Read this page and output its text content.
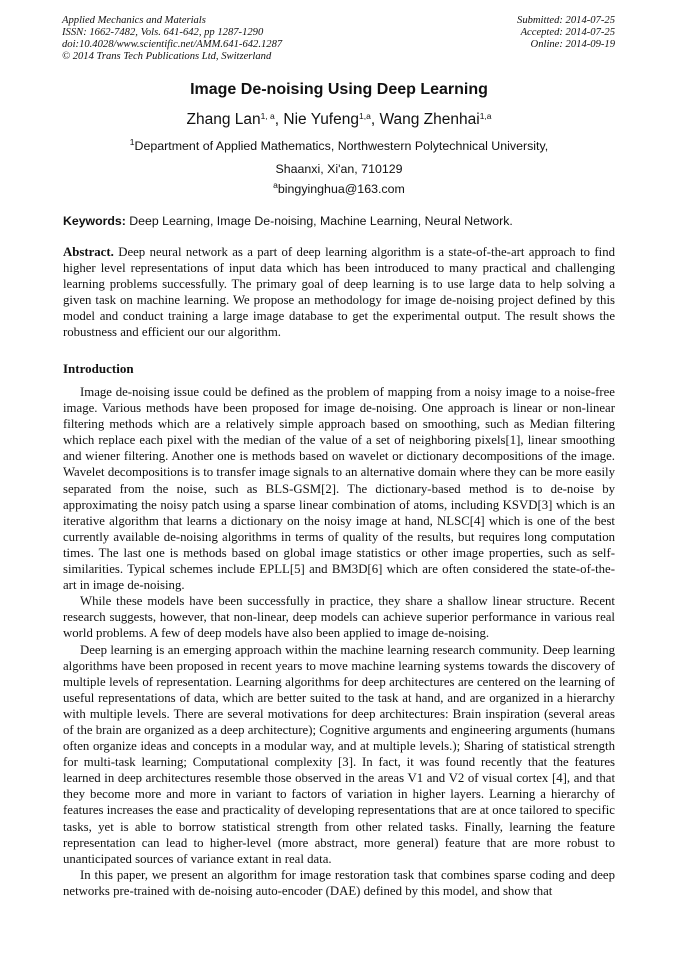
Applied Mechanics and Materials
ISSN: 1662-7482, Vols. 641-642, pp 1287-1290
doi:10.4028/www.scientific.net/AMM.641-642.1287
© 2014 Trans Tech Publications Ltd, Switzerland
Submitted: 2014-07-25
Accepted: 2014-07-25
Online: 2014-09-19
Image De-noising Using Deep Learning
Zhang Lan$^{1, a}$, Nie Yufeng$^{1,a}$, Wang Zhenhai$^{1,a}$
$^1$Department of Applied Mathematics, Northwestern Polytechnical University,
Shaanxi, Xi'an, 710129
$^a$bingyinghua@163.com
Keywords: Deep Learning, Image De-noising, Machine Learning, Neural Network.

Abstract. Deep neural network as a part of deep learning algorithm is a state-of-the-art approach to find higher level representations of input data which has been introduced to many practical and challenging learning problems successfully. The primary goal of deep learning is to use large data to help solving a given task on machine learning. We propose an methodology for image de-noising project defined by this model and conduct training a large image database to get the experimental output. The result shows the robustness and efficient our our algorithm.

Introduction

Image de-noising issue could be defined as the problem of mapping from a noisy image to a noise-free image. Various methods have been proposed for image de-noising. One approach is linear or non-linear filtering methods which are a relatively simple approach based on smoothing, such as Median filtering which replace each pixel with the median of the value of a set of neighboring pixels[1], linear smoothing and wiener filtering. Another one is methods based on wavelet or dictionary decompositions of the image. Wavelet decompositions is to transfer image signals to an alternative domain where they can be more easily separated from the noise, such as BLS-GSM[2]. The dictionary-based method is to de-noise by approximating the noisy patch using a sparse linear combination of atoms, including KSVD[3] which is an iterative algorithm that learns a dictionary on the noisy image at hand, NLSC[4] which is one of the best currently available de-noising algorithms in terms of quality of the results, but requires long computation times. The last one is methods based on global image statistics or other image properties, such as self-similarities. Typical schemes include EPLL[5] and BM3D[6] which are often considered the state-of-the-art in image de-noising.

While these models have been successfully in practice, they share a shallow linear structure. Recent research suggests, however, that non-linear, deep models can achieve superior performance in various real world problems. A few of deep models have also been applied to image de-noising.

Deep learning is an emerging approach within the machine learning research community. Deep learning algorithms have been proposed in recent years to move machine learning systems towards the discovery of multiple levels of representation. Learning algorithms for deep architectures are centered on the learning of useful representations of data, which are better suited to the task at hand, and are organized in a hierarchy with multiple levels. There are several motivations for deep architectures: Brain inspiration (several areas of the brain are organized as a deep architecture); Cognitive arguments and engineering arguments (humans often organize ideas and concepts in a modular way, and at multiple levels.); Sharing of statistical strength for multi-task learning; Computational complexity [3]. In fact, it was found recently that the features learned in deep architectures resemble those observed in the areas V1 and V2 of visual cortex [4], and that they become more and more in variant to factors of variation in higher layers. Learning a hierarchy of features increases the ease and practicality of developing representations that are at once tailored to specific tasks, yet is able to borrow statistical strength from other related tasks. Finally, learning the feature representation can lead to higher-level (more abstract, more general) feature that are more robust to unanticipated sources of variance extant in real data.

In this paper, we present an algorithm for image restoration task that combines sparse coding and deep networks pre-trained with de-noising auto-encoder (DAE) defined by this model, and show that
